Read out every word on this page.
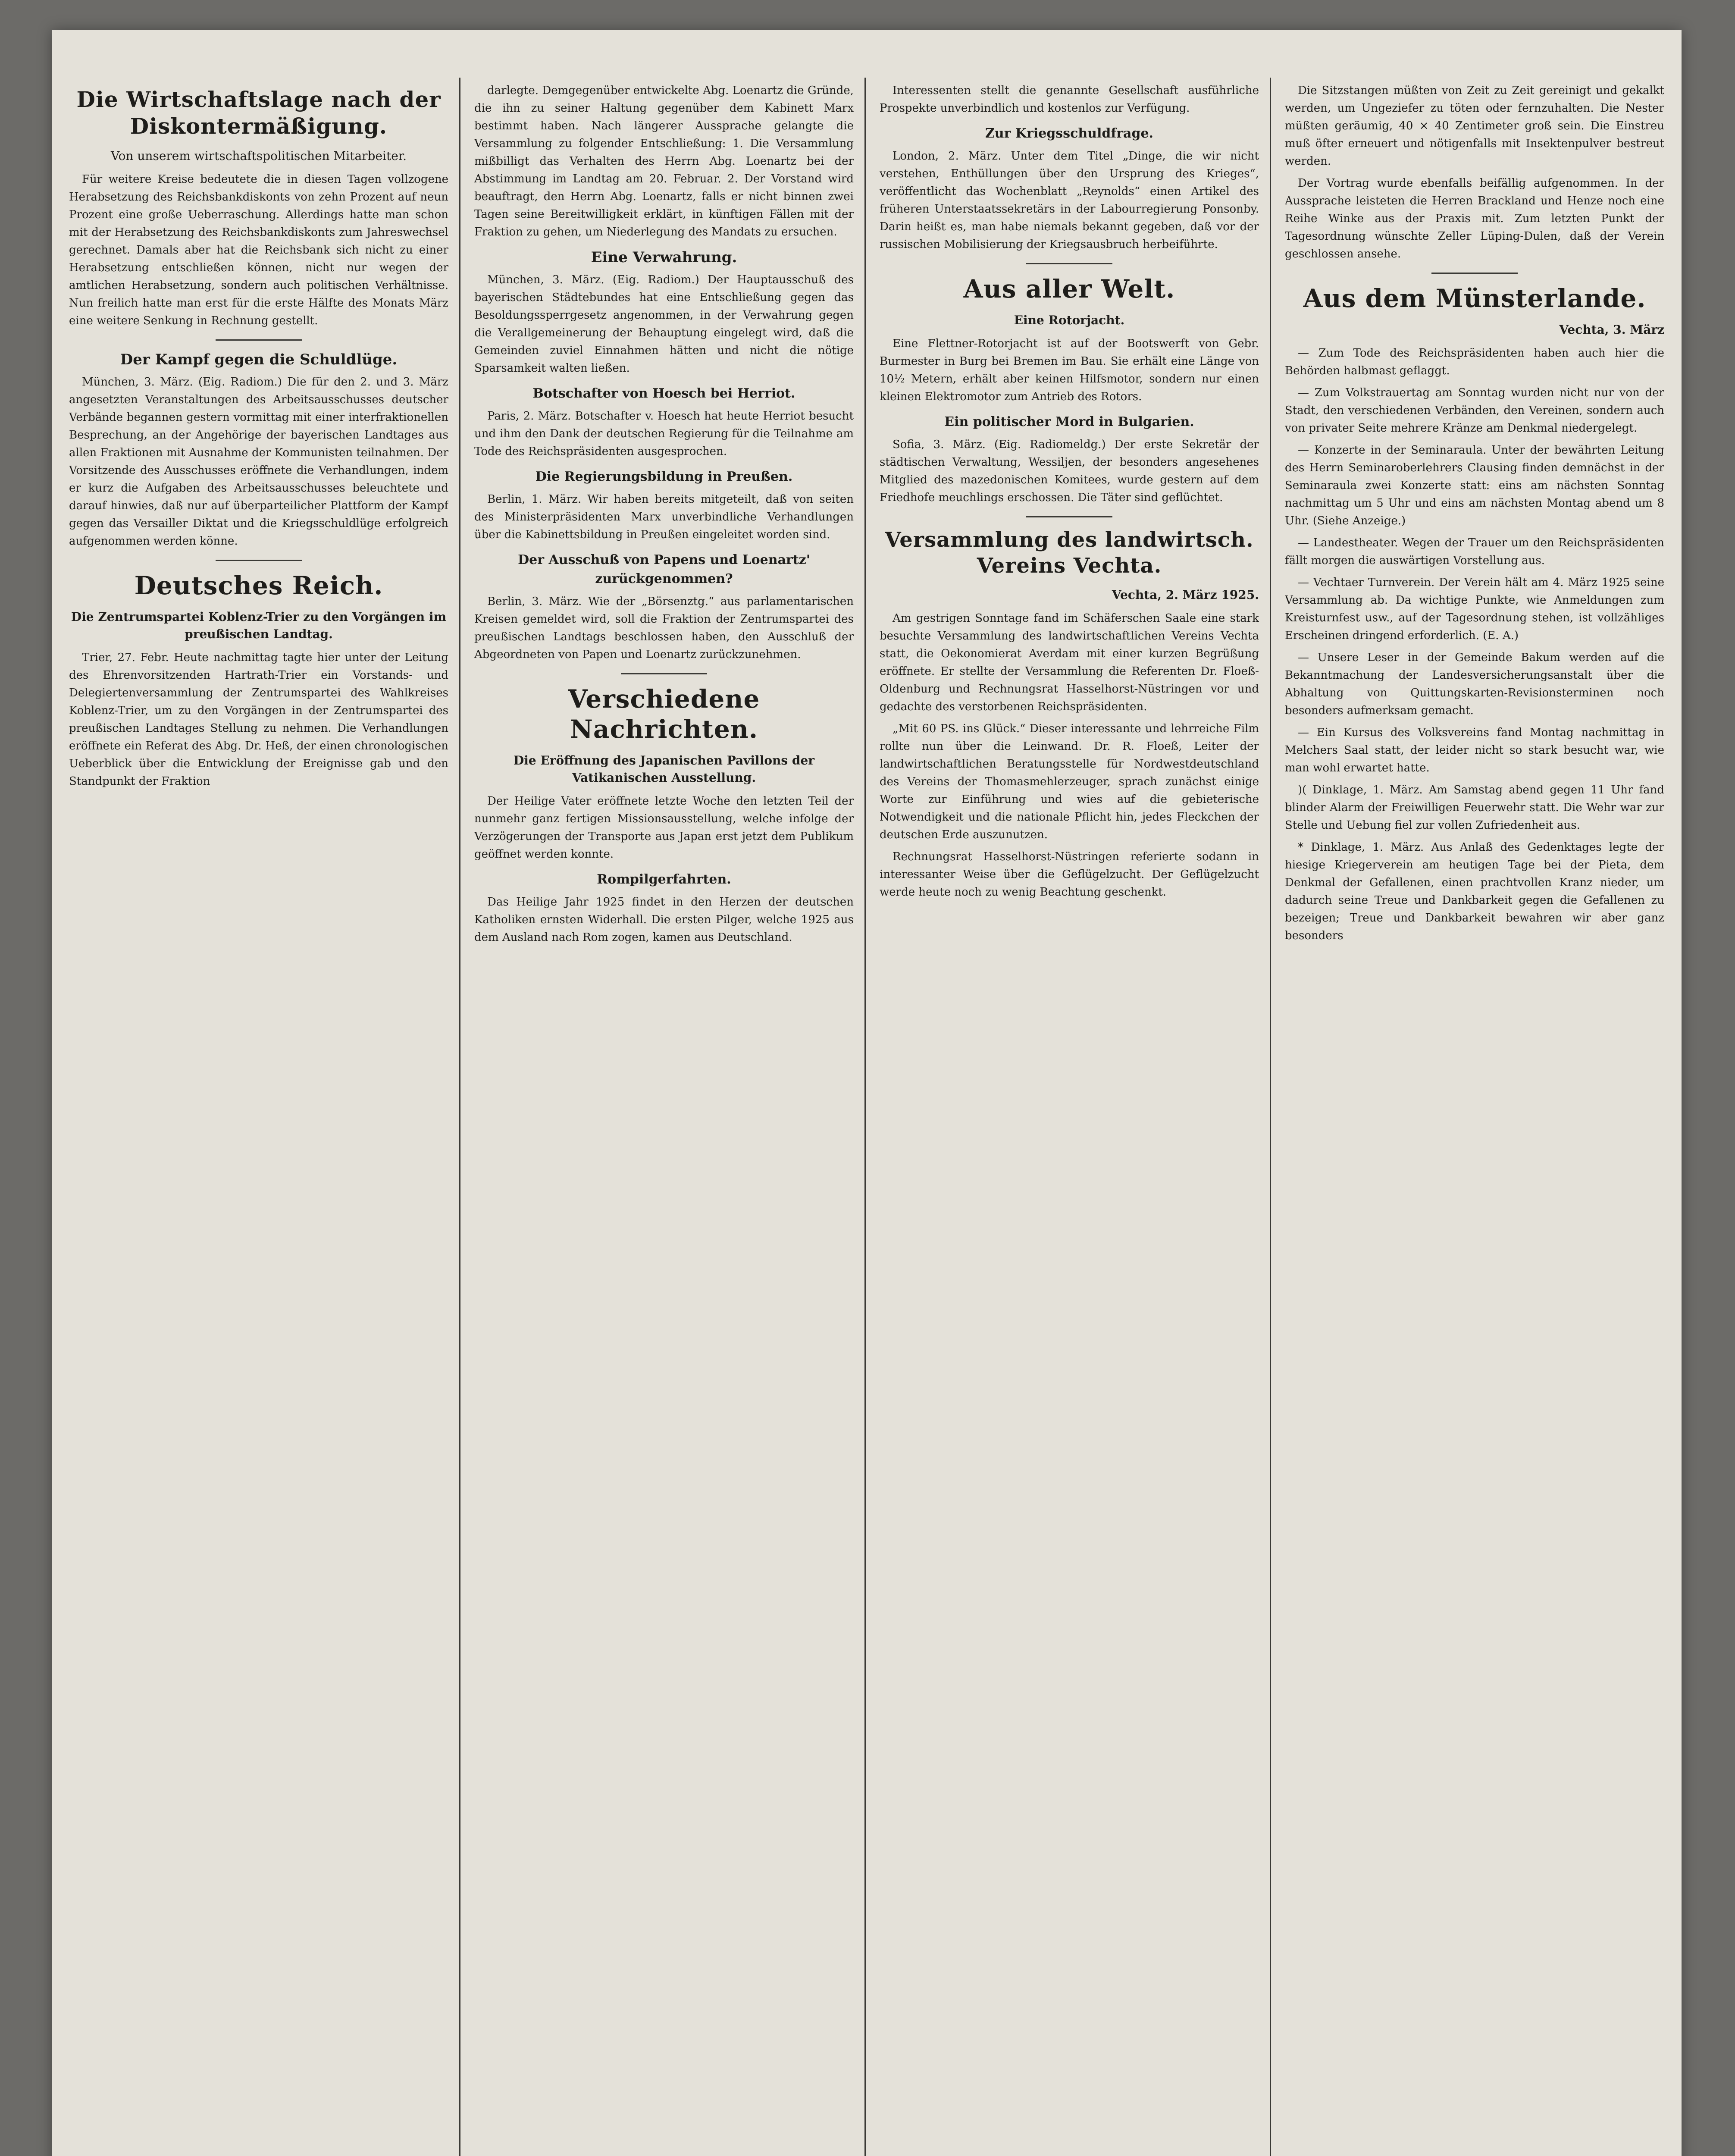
Die Wirtschaftslage nach der Diskontermäßigung.
Von unserem wirtschaftspolitischen Mitarbeiter.

Für weitere Kreise bedeutete die in diesen Tagen vollzogene Herabsetzung des Reichsbankdiskonts von zehn Prozent auf neun Prozent eine große Ueberraschung. Allerdings hatte man schon mit der Herabsetzung des Reichsbankdiskonts zum Jahreswechsel gerechnet. Damals aber hat die Reichsbank sich nicht zu einer Herabsetzung entschließen können, nicht nur wegen der amtlichen Herabsetzung, sondern auch politischen Verhältnisse. Nun freilich hatte man erst für die erste Hälfte des Monats März eine weitere Senkung in Rechnung gestellt.

Der Kampf gegen die Schuldlüge.

München, 3. März. (Eig. Radiom.) Die für den 2. und 3. März angesetzten Veranstaltungen des Arbeitsausschusses deutscher Verbände begannen gestern vormittag mit einer interfraktionellen Besprechung, an der Angehörige der bayerischen Landtages aus allen Fraktionen mit Ausnahme der Kommunisten teilnahmen. Der Vorsitzende des Ausschusses eröffnete die Verhandlungen, indem er kurz die Aufgaben des Arbeitsausschusses beleuchtete und darauf hinwies, daß nur auf überparteilicher Plattform der Kampf gegen das Versailler Diktat und die Kriegsschuldlüge erfolgreich aufgenommen werden könne.

Deutsches Reich.
Die Zentrumspartei Koblenz-Trier zu den Vorgängen im preußischen Landtag.

Trier, 27. Febr. Heute nachmittag tagte hier unter der Leitung des Ehrenvorsitzenden Hartrath-Trier ein Vorstands- und Delegiertenversammlung der Zentrumspartei des Wahlkreises Koblenz-Trier, um zu den Vorgängen in der Zentrumspartei des preußischen Landtages Stellung zu nehmen. Die Verhandlungen eröffnete ein Referat des Abg. Dr. Heß, der einen chronologischen Ueberblick über die Entwicklung der Ereignisse gab und den Standpunkt der Fraktion

darlegte. Demgegenüber entwickelte Abg. Loenartz die Gründe, die ihn zu seiner Haltung gegenüber dem Kabinett Marx bestimmt haben. Nach längerer Aussprache gelangte die Versammlung zu folgender Entschließung: 1. Die Versammlung mißbilligt das Verhalten des Herrn Abg. Loenartz bei der Abstimmung im Landtag am 20. Februar. 2. Der Vorstand wird beauftragt, den Herrn Abg. Loenartz, falls er nicht binnen zwei Tagen seine Bereitwilligkeit erklärt, in künftigen Fällen mit der Fraktion zu gehen, um Niederlegung des Mandats zu ersuchen.

Eine Verwahrung.

München, 3. März. (Eig. Radiom.) Der Hauptausschuß des bayerischen Städtebundes hat eine Entschließung gegen das Besoldungssperrgesetz angenommen, in der Verwahrung gegen die Verallgemeinerung der Behauptung eingelegt wird, daß die Gemeinden zuviel Einnahmen hätten und nicht die nötige Sparsamkeit walten ließen.

Botschafter von Hoesch bei Herriot.

Paris, 2. März. Botschafter v. Hoesch hat heute Herriot besucht und ihm den Dank der deutschen Regierung für die Teilnahme am Tode des Reichspräsidenten ausgesprochen.

Die Regierungsbildung in Preußen.

Berlin, 1. März. Wir haben bereits mitgeteilt, daß von seiten des Ministerpräsidenten Marx unverbindliche Verhandlungen über die Kabinettsbildung in Preußen eingeleitet worden sind.

Der Ausschuß von Papens und Loenartz' zurückgenommen?

Berlin, 3. März. Wie der „Börsenztg.“ aus parlamentarischen Kreisen gemeldet wird, soll die Fraktion der Zentrumspartei des preußischen Landtags beschlossen haben, den Ausschluß der Abgeordneten von Papen und Loenartz zurückzunehmen.

Verschiedene Nachrichten.
Die Eröffnung des Japanischen Pavillons der Vatikanischen Ausstellung.

Der Heilige Vater eröffnete letzte Woche den letzten Teil der nunmehr ganz fertigen Missionsausstellung, welche infolge der Verzögerungen der Transporte aus Japan erst jetzt dem Publikum geöffnet werden konnte.

Rompilgerfahrten.

Das Heilige Jahr 1925 findet in den Herzen der deutschen Katholiken ernsten Widerhall. Die ersten Pilger, welche 1925 aus dem Ausland nach Rom zogen, kamen aus Deutschland.

Interessenten stellt die genannte Gesellschaft ausführliche Prospekte unverbindlich und kostenlos zur Verfügung.

Zur Kriegsschuldfrage.

London, 2. März. Unter dem Titel „Dinge, die wir nicht verstehen, Enthüllungen über den Ursprung des Krieges“, veröffentlicht das Wochenblatt „Reynolds“ einen Artikel des früheren Unterstaatssekretärs in der Labourregierung Ponsonby. Darin heißt es, man habe niemals bekannt gegeben, daß vor der russischen Mobilisierung der Kriegsausbruch herbeiführte.

Aus aller Welt.
Eine Rotorjacht.

Eine Flettner-Rotorjacht ist auf der Bootswerft von Gebr. Burmester in Burg bei Bremen im Bau. Sie erhält eine Länge von 10½ Metern, erhält aber keinen Hilfsmotor, sondern nur einen kleinen Elektromotor zum Antrieb des Rotors.

Ein politischer Mord in Bulgarien.

Sofia, 3. März. (Eig. Radiomeldg.) Der erste Sekretär der städtischen Verwaltung, Wessiljen, der besonders angesehenes Mitglied des mazedonischen Komitees, wurde gestern auf dem Friedhofe meuchlings erschossen. Die Täter sind geflüchtet.

Versammlung des landwirtsch. Vereins Vechta.
Vechta, 2. März 1925.

Am gestrigen Sonntage fand im Schäferschen Saale eine stark besuchte Versammlung des landwirtschaftlichen Vereins Vechta statt, die Oekonomierat Averdam mit einer kurzen Begrüßung eröffnete. Er stellte der Versammlung die Referenten Dr. Floeß-Oldenburg und Rechnungsrat Hasselhorst-Nüstringen vor und gedachte des verstorbenen Reichspräsidenten.

„Mit 60 PS. ins Glück.“ Dieser interessante und lehrreiche Film rollte nun über die Leinwand. Dr. R. Floeß, Leiter der landwirtschaftlichen Beratungsstelle für Nordwestdeutschland des Vereins der Thomasmehlerzeuger, sprach zunächst einige Worte zur Einführung und wies auf die gebieterische Notwendigkeit und die nationale Pflicht hin, jedes Fleckchen der deutschen Erde auszunutzen.

Rechnungsrat Hasselhorst-Nüstringen referierte sodann in interessanter Weise über die Geflügelzucht. Der Geflügelzucht werde heute noch zu wenig Beachtung geschenkt.

Die Sitzstangen müßten von Zeit zu Zeit gereinigt und gekalkt werden, um Ungeziefer zu töten oder fernzuhalten. Die Nester müßten geräumig, 40 × 40 Zentimeter groß sein. Die Einstreu muß öfter erneuert und nötigenfalls mit Insektenpulver bestreut werden.

Der Vortrag wurde ebenfalls beifällig aufgenommen. In der Aussprache leisteten die Herren Brackland und Henze noch eine Reihe Winke aus der Praxis mit. Zum letzten Punkt der Tagesordnung wünschte Zeller Lüping-Dulen, daß der Verein geschlossen ansehe.

Aus dem Münsterlande.
Vechta, 3. März

— Zum Tode des Reichspräsidenten haben auch hier die Behörden halbmast geflaggt.

— Zum Volkstrauertag am Sonntag wurden nicht nur von der Stadt, den verschiedenen Verbänden, den Vereinen, sondern auch von privater Seite mehrere Kränze am Denkmal niedergelegt.

— Konzerte in der Seminaraula. Unter der bewährten Leitung des Herrn Seminaroberlehrers Clausing finden demnächst in der Seminaraula zwei Konzerte statt: eins am nächsten Sonntag nachmittag um 5 Uhr und eins am nächsten Montag abend um 8 Uhr. (Siehe Anzeige.)

— Landestheater. Wegen der Trauer um den Reichspräsidenten fällt morgen die auswärtigen Vorstellung aus.

— Vechtaer Turnverein. Der Verein hält am 4. März 1925 seine Versammlung ab. Da wichtige Punkte, wie Anmeldungen zum Kreisturnfest usw., auf der Tagesordnung stehen, ist vollzähliges Erscheinen dringend erforderlich. (E. A.)

— Unsere Leser in der Gemeinde Bakum werden auf die Bekanntmachung der Landesversicherungsanstalt über die Abhaltung von Quittungskarten-Revisionsterminen noch besonders aufmerksam gemacht.

— Ein Kursus des Volksvereins fand Montag nachmittag in Melchers Saal statt, der leider nicht so stark besucht war, wie man wohl erwartet hatte.

)( Dinklage, 1. März. Am Samstag abend gegen 11 Uhr fand blinder Alarm der Freiwilligen Feuerwehr statt. Die Wehr war zur Stelle und Uebung fiel zur vollen Zufriedenheit aus.

* Dinklage, 1. März. Aus Anlaß des Gedenktages legte der hiesige Kriegerverein am heutigen Tage bei der Pieta, dem Denkmal der Gefallenen, einen prachtvollen Kranz nieder, um dadurch seine Treue und Dankbarkeit gegen die Gefallenen zu bezeigen; Treue und Dankbarkeit bewahren wir aber ganz besonders
